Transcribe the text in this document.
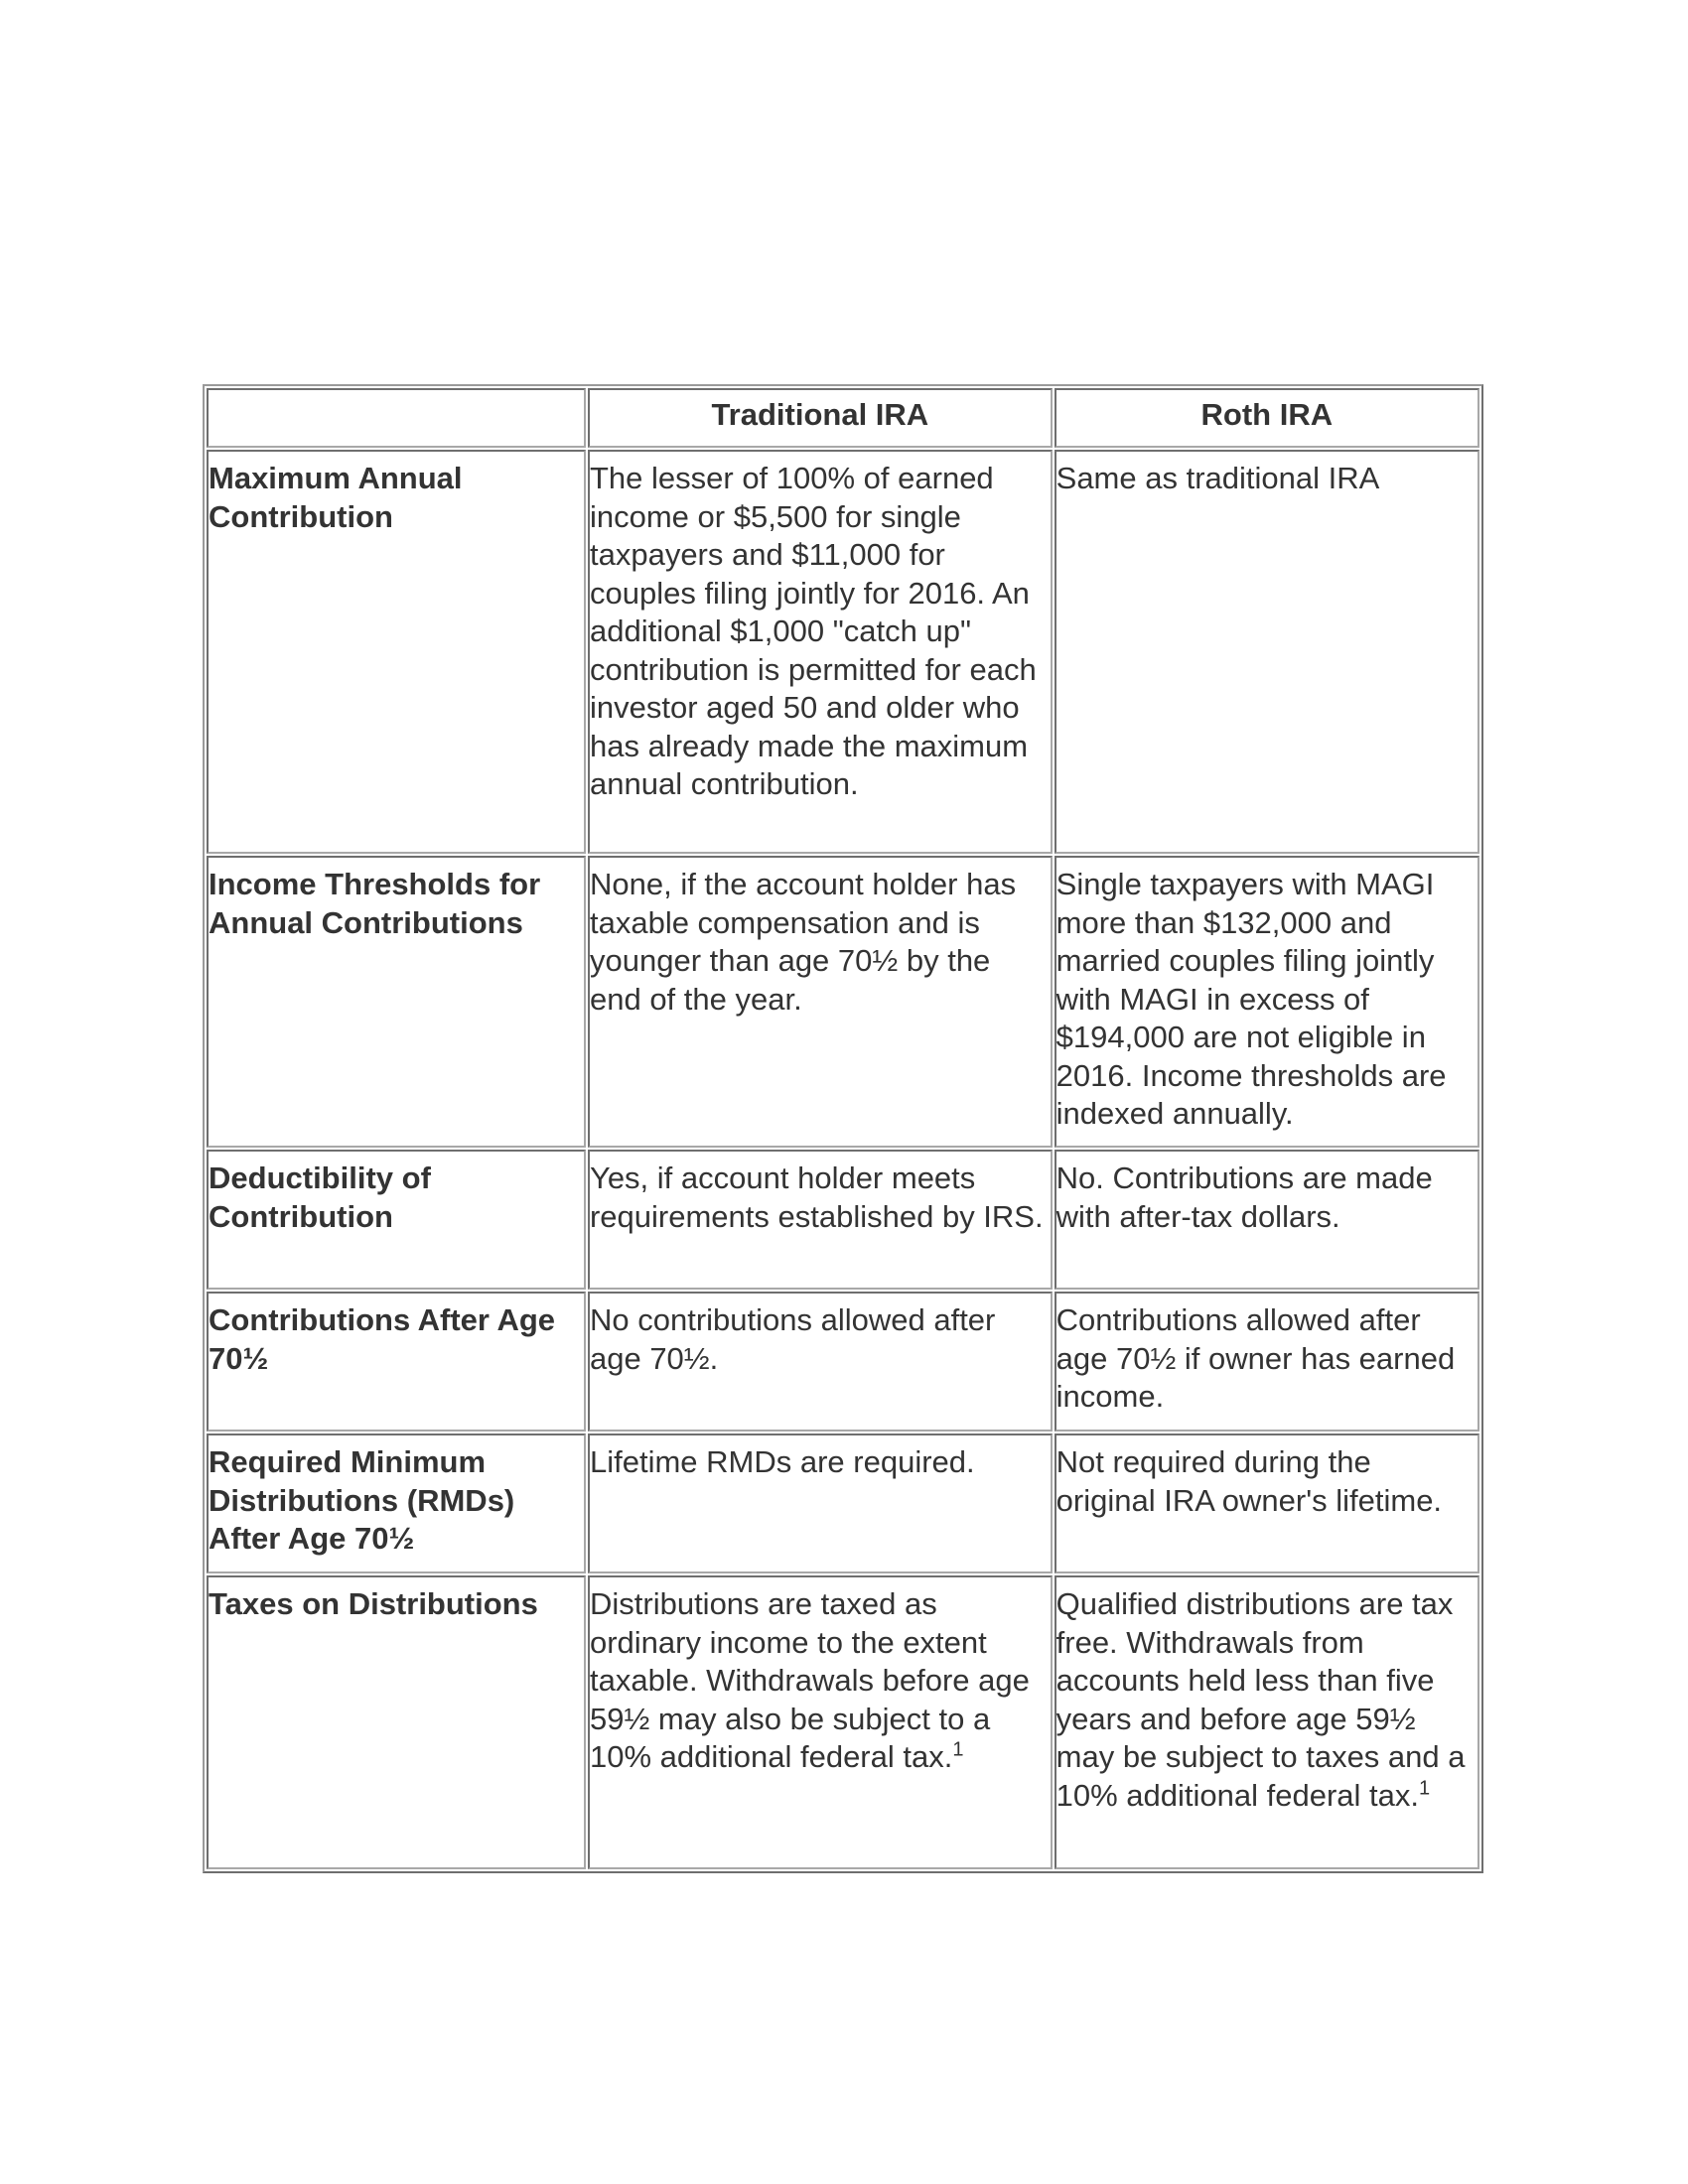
	Traditional IRA	Roth IRA
Maximum Annual Contribution	The lesser of 100% of earned income or $5,500 for single taxpayers and $11,000 for couples filing jointly for 2016. An additional $1,000 "catch up" contribution is permitted for each investor aged 50 and older who has already made the maximum annual contribution.	Same as traditional IRA
Income Thresholds for Annual Contributions	None, if the account holder has taxable compensation and is younger than age 70½ by the end of the year.	Single taxpayers with MAGI more than $132,000 and married couples filing jointly with MAGI in excess of $194,000 are not eligible in 2016. Income thresholds are indexed annually.
Deductibility of Contribution	Yes, if account holder meets requirements established by IRS.	No. Contributions are made with after-tax dollars.
Contributions After Age 70½	No contributions allowed after age 70½.	Contributions allowed after age 70½ if owner has earned income.
Required Minimum Distributions (RMDs) After Age 70½	Lifetime RMDs are required.	Not required during the original IRA owner's lifetime.
Taxes on Distributions	Distributions are taxed as ordinary income to the extent taxable. Withdrawals before age 59½ may also be subject to a 10% additional federal tax.$^1$	Qualified distributions are tax free. Withdrawals from accounts held less than five years and before age 59½ may be subject to taxes and a 10% additional federal tax.$^1$
